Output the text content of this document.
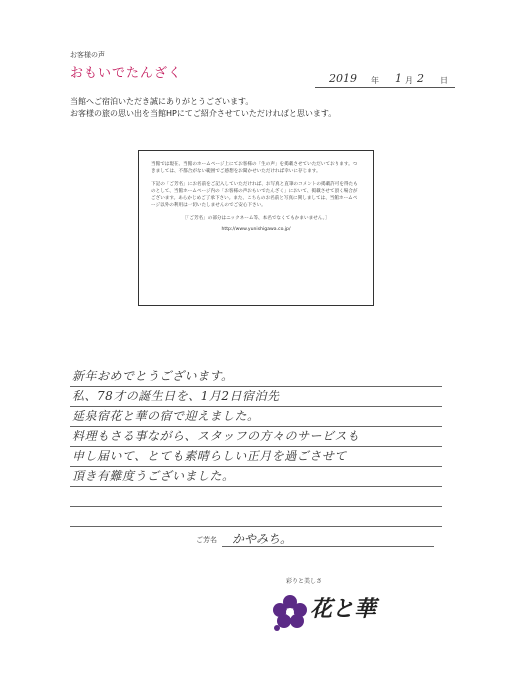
お客様の声
おもいでたんざく	2019 年 1 月 2 日
当館へご宿泊いただき誠にありがとうございます。
お客様の旅の思い出を当館HPにてご紹介させていただければと思います。

当館では現在、当館のホームページ上にてお客様の「生の声」を掲載させていただいております。つきましては、不都合がない範囲でご感想をお聞かせいただければ幸いに存じます。

下記の「ご芳名」にお名前をご記入していただければ、お写真と直筆のコメントの掲載許可を得たものとして、当館ホームページ内の「お客様の声おもいでたんざく」において、掲載させて頂く場合がございます。あらかじめご了承下さい。また、こちらのお名前と写真に関しましては、当館ホームページ以外の利用は一切いたしませんのでご安心下さい。

［「ご芳名」の部分はニックネーム等、本名でなくてもかまいません。］

http://www.yunishigawa.co.jp/

新年おめでとうございます。
私、78才の誕生日を、1月2日宿泊先
延泉宿花と華の宿で迎えました。
料理もさる事ながら、スタッフの方々のサービスも
申し届いて、とても素晴らしい正月を過ごさせて
頂き有難度うございました。
ご芳名 かやみち。
彩りと美しさ
花と華
